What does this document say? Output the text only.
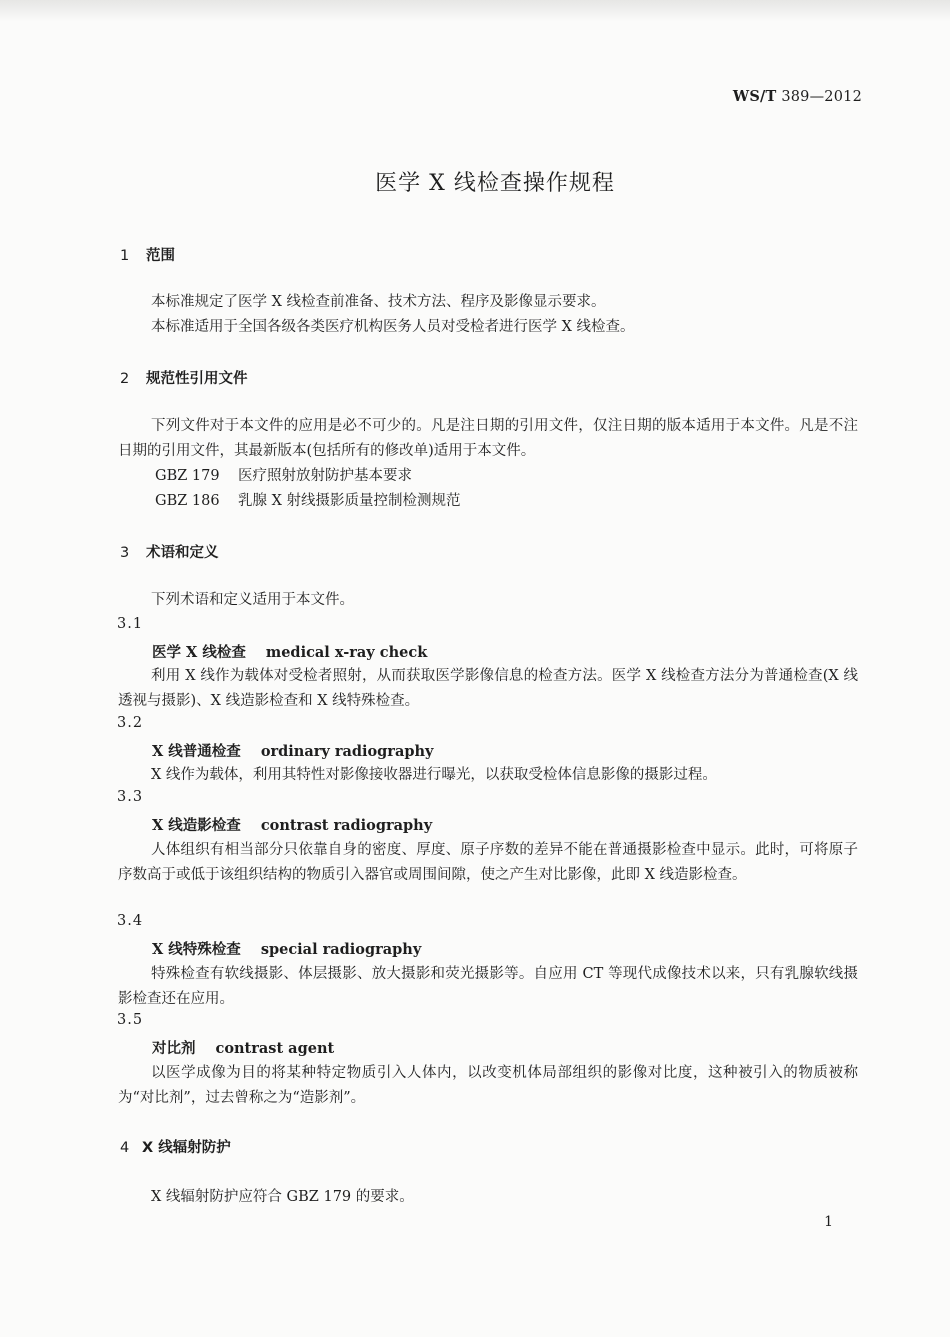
WS/T 389—2012
医学 X 线检查操作规程
1 范围

本标准规定了医学 X 线检查前准备、技术方法、程序及影像显示要求。

本标准适用于全国各级各类医疗机构医务人员对受检者进行医学 X 线检查。

2 规范性引用文件

下列文件对于本文件的应用是必不可少的。凡是注日期的引用文件，仅注日期的版本适用于本文件。凡是不注日期的引用文件，其最新版本(包括所有的修改单)适用于本文件。

GBZ 179 医疗照射放射防护基本要求

GBZ 186 乳腺 X 射线摄影质量控制检测规范

3 术语和定义

下列术语和定义适用于本文件。

3.1
医学 X 线检查 medical x-ray check

利用 X 线作为载体对受检者照射，从而获取医学影像信息的检查方法。医学 X 线检查方法分为普通检查(X 线透视与摄影)、X 线造影检查和 X 线特殊检查。

3.2
X 线普通检查 ordinary radiography

X 线作为载体，利用其特性对影像接收器进行曝光，以获取受检体信息影像的摄影过程。

3.3
X 线造影检查 contrast radiography

人体组织有相当部分只依靠自身的密度、厚度、原子序数的差异不能在普通摄影检查中显示。此时，可将原子序数高于或低于该组织结构的物质引入器官或周围间隙，使之产生对比影像，此即 X 线造影检查。

3.4
X 线特殊检查 special radiography

特殊检查有软线摄影、体层摄影、放大摄影和荧光摄影等。自应用 CT 等现代成像技术以来，只有乳腺软线摄影检查还在应用。

3.5
对比剂 contrast agent

以医学成像为目的将某种特定物质引入人体内，以改变机体局部组织的影像对比度，这种被引入的物质被称为“对比剂”，过去曾称之为“造影剂”。

4 X 线辐射防护

X 线辐射防护应符合 GBZ 179 的要求。

1
